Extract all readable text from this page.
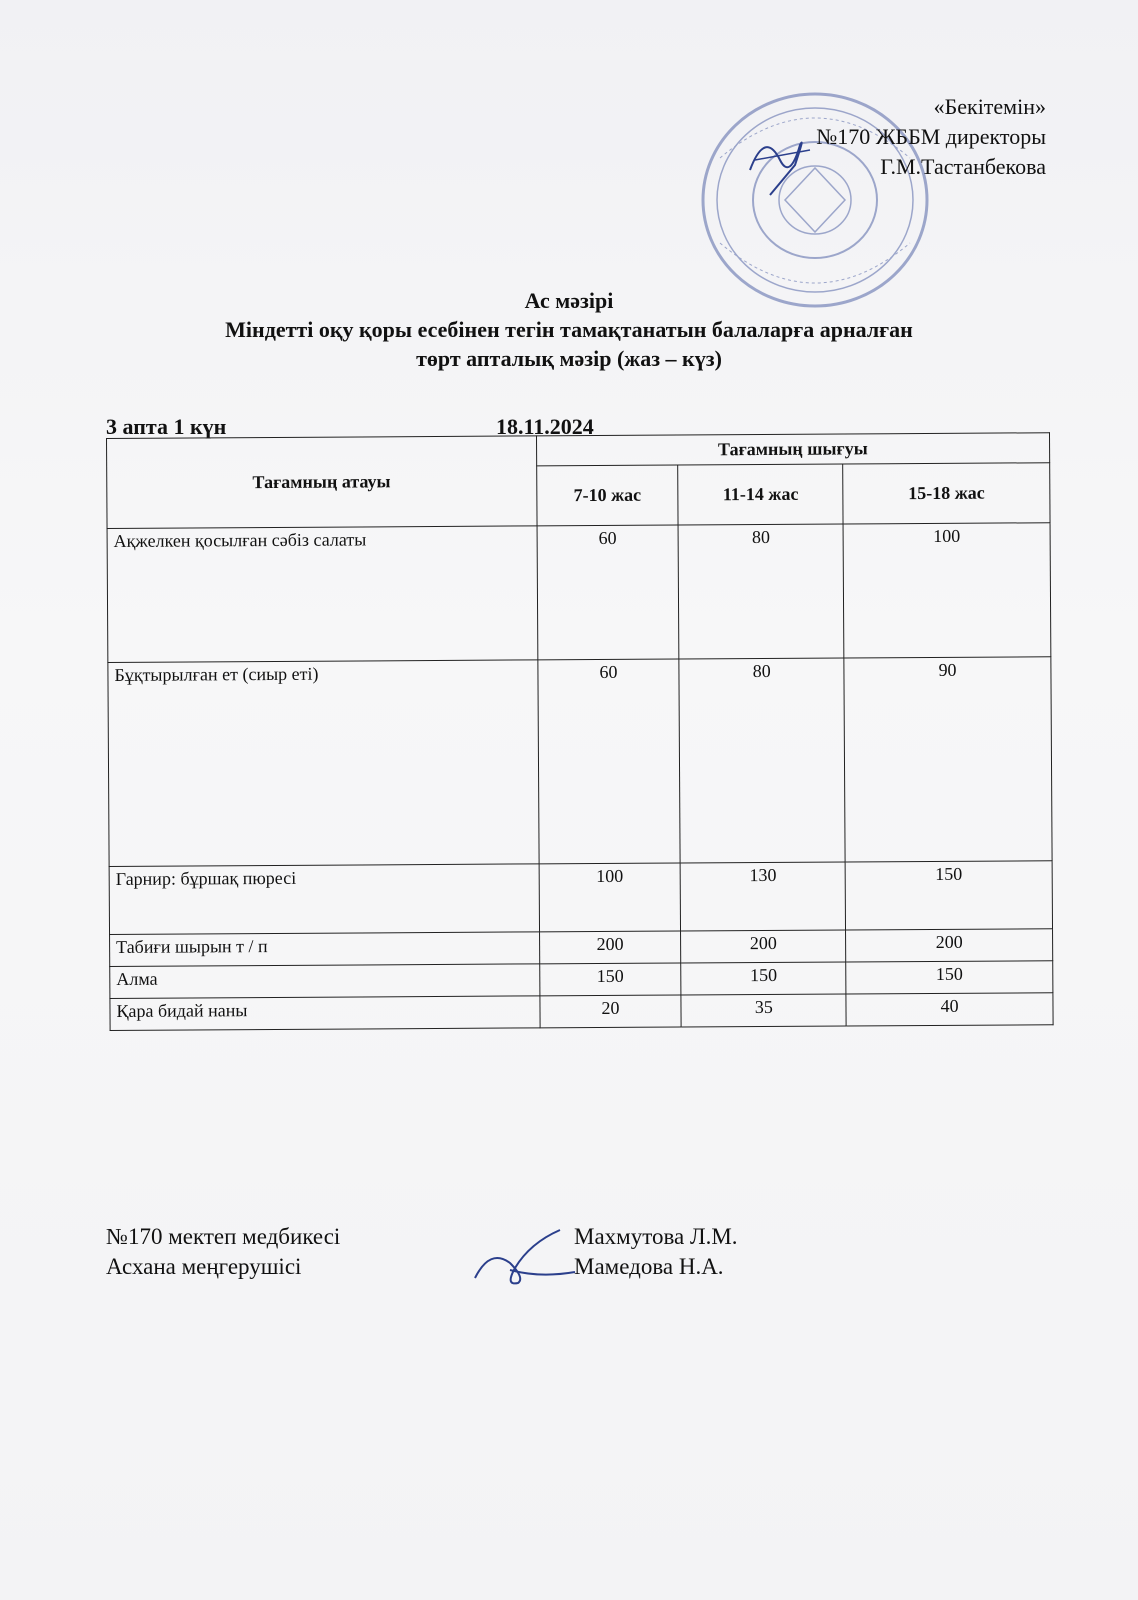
«Бекітемін»
№170 ЖББМ директоры
Г.М.Тастанбекова
Ас мәзірі
Міндетті оқу қоры есебінен тегін тамақтанатын балаларға арналған
төрт апталық мәзір (жаз – күз)
3 апта 1 күн	18.11.2024
Тағамның атауы	Тағамның шығуы		
	7-10 жас	11-14 жас	15-18 жас
Ақжелкен қосылған сәбіз салаты	60	80	100
Бұқтырылған ет (сиыр еті)	60	80	90
Гарнир: бұршақ пюресі	100	130	150
Табиғи шырын т / п	200	200	200
Алма	150	150	150
Қара бидай наны	20	35	40
№170 мектеп медбикесі	Махмутова Л.М.
Асхана меңгерушісі	Мамедова Н.А.
